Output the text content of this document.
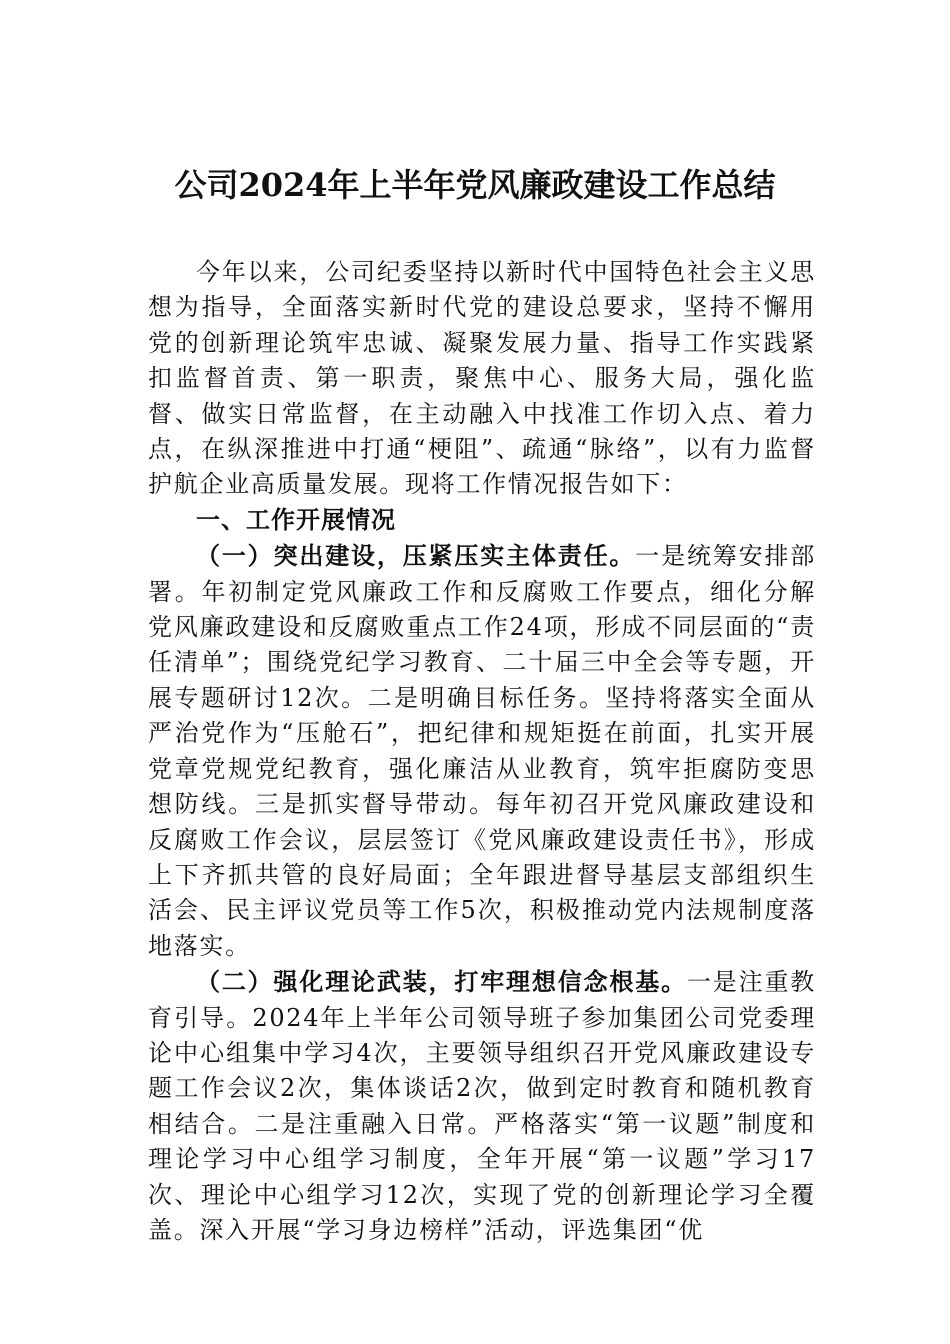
公司2024年上半年党风廉政建设工作总结

今年以来，公司纪委坚持以新时代中国特色社会主义思想为指导，全面落实新时代党的建设总要求，坚持不懈用党的创新理论筑牢忠诚、凝聚发展力量、指导工作实践紧扣监督首责、第一职责，聚焦中心、服务大局，强化监督、做实日常监督，在主动融入中找准工作切入点、着力点，在纵深推进中打通“梗阻”、疏通“脉络”，以有力监督护航企业高质量发展。现将工作情况报告如下：

一、工作开展情况

（一）突出建设，压紧压实主体责任。一是统筹安排部署。年初制定党风廉政工作和反腐败工作要点，细化分解党风廉政建设和反腐败重点工作24项，形成不同层面的“责任清单”；围绕党纪学习教育、二十届三中全会等专题，开展专题研讨12次。二是明确目标任务。坚持将落实全面从严治党作为“压舱石”，把纪律和规矩挺在前面，扎实开展党章党规党纪教育，强化廉洁从业教育，筑牢拒腐防变思想防线。三是抓实督导带动。每年初召开党风廉政建设和反腐败工作会议，层层签订《党风廉政建设责任书》，形成上下齐抓共管的良好局面；全年跟进督导基层支部组织生活会、民主评议党员等工作5次，积极推动党内法规制度落地落实。

（二）强化理论武装，打牢理想信念根基。一是注重教育引导。2024年上半年公司领导班子参加集团公司党委理论中心组集中学习4次，主要领导组织召开党风廉政建设专题工作会议2次，集体谈话2次，做到定时教育和随机教育相结合。二是注重融入日常。严格落实“第一议题”制度和理论学习中心组学习制度，全年开展“第一议题”学习17次、理论中心组学习12次，实现了党的创新理论学习全覆盖。深入开展“学习身边榜样”活动，评选集团“优
